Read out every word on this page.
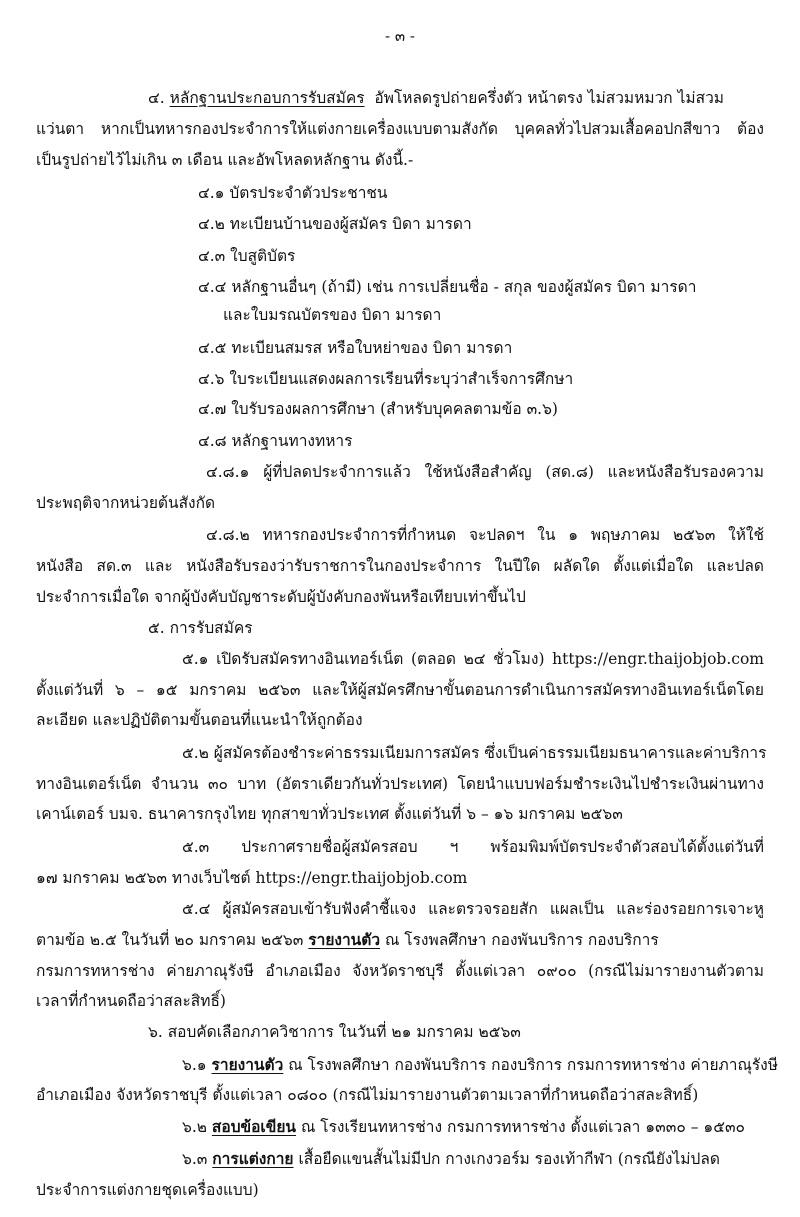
- ๓ -
๔. หลักฐานประกอบการรับสมัคร อัพโหลดรูปถ่ายครึ่งตัว หน้าตรง ไม่สวมหมวก ไม่สวม
แว่นตา หากเป็นทหารกองประจำการให้แต่งกายเครื่องแบบตามสังกัด บุคคลทั่วไปสวมเสื้อคอปกสีขาว ต้อง
เป็นรูปถ่ายไว้ไม่เกิน ๓ เดือน และอัพโหลดหลักฐาน ดังนี้.-
๔.๑ บัตรประจำตัวประชาชน
๔.๒ ทะเบียนบ้านของผู้สมัคร บิดา มารดา
๔.๓ ใบสูติบัตร
๔.๔ หลักฐานอื่นๆ (ถ้ามี) เช่น การเปลี่ยนชื่อ - สกุล ของผู้สมัคร บิดา มารดา
และใบมรณบัตรของ บิดา มารดา
๔.๕ ทะเบียนสมรส หรือใบหย่าของ บิดา มารดา
๔.๖ ใบระเบียนแสดงผลการเรียนที่ระบุว่าสำเร็จการศึกษา
๔.๗ ใบรับรองผลการศึกษา (สำหรับบุคคลตามข้อ ๓.๖)
๔.๘ หลักฐานทางทหาร
๔.๘.๑ ผู้ที่ปลดประจำการแล้ว ใช้หนังสือสำคัญ (สด.๘) และหนังสือรับรองความ
ประพฤติจากหน่วยต้นสังกัด
๔.๘.๒ ทหารกองประจำการที่กำหนด จะปลดฯ ใน ๑ พฤษภาคม ๒๕๖๓ ให้ใช้
หนังสือ สด.๓ และ หนังสือรับรองว่ารับราชการในกองประจำการ ในปีใด ผลัดใด ตั้งแต่เมื่อใด และปลด
ประจำการเมื่อใด จากผู้บังคับบัญชาระดับผู้บังคับกองพันหรือเทียบเท่าขึ้นไป
๕. การรับสมัคร
๕.๑ เปิดรับสมัครทางอินเทอร์เน็ต (ตลอด ๒๔ ชั่วโมง) https://engr.thaijobjob.com
ตั้งแต่วันที่ ๖ – ๑๕ มกราคม ๒๕๖๓ และให้ผู้สมัครศึกษาขั้นตอนการดำเนินการสมัครทางอินเทอร์เน็ตโดย
ละเอียด และปฏิบัติตามขั้นตอนที่แนะนำให้ถูกต้อง
๕.๒ ผู้สมัครต้องชำระค่าธรรมเนียมการสมัคร ซึ่งเป็นค่าธรรมเนียมธนาคารและค่าบริการ
ทางอินเตอร์เน็ต จำนวน ๓๐ บาท (อัตราเดียวกันทั่วประเทศ) โดยนำแบบฟอร์มชำระเงินไปชำระเงินผ่านทาง
เคาน์เตอร์ บมจ. ธนาคารกรุงไทย ทุกสาขาทั่วประเทศ ตั้งแต่วันที่ ๖ – ๑๖ มกราคม ๒๕๖๓
๕.๓ ประกาศรายชื่อผู้สมัครสอบ ฯ พร้อมพิมพ์บัตรประจำตัวสอบได้ตั้งแต่วันที่
๑๗ มกราคม ๒๕๖๓ ทางเว็บไซต์ https://engr.thaijobjob.com
๕.๔ ผู้สมัครสอบเข้ารับฟังคำชี้แจง และตรวจรอยสัก แผลเป็น และร่องรอยการเจาะหู
ตามข้อ ๒.๕ ในวันที่ ๒๐ มกราคม ๒๕๖๓ รายงานตัว ณ โรงพลศึกษา กองพันบริการ กองบริการ
กรมการทหารช่าง ค่ายภาณุรังษี อำเภอเมือง จังหวัดราชบุรี ตั้งแต่เวลา ๐๙๐๐ (กรณีไม่มารายงานตัวตาม
เวลาที่กำหนดถือว่าสละสิทธิ์)
๖. สอบคัดเลือกภาควิชาการ ในวันที่ ๒๑ มกราคม ๒๕๖๓
๖.๑ รายงานตัว ณ โรงพลศึกษา กองพันบริการ กองบริการ กรมการทหารช่าง ค่ายภาณุรังษี
อำเภอเมือง จังหวัดราชบุรี ตั้งแต่เวลา ๐๘๐๐ (กรณีไม่มารายงานตัวตามเวลาที่กำหนดถือว่าสละสิทธิ์)
๖.๒ สอบข้อเขียน ณ โรงเรียนทหารช่าง กรมการทหารช่าง ตั้งแต่เวลา ๑๓๓๐ – ๑๕๓๐
๖.๓ การแต่งกาย เสื้อยืดแขนสั้นไม่มีปก กางเกงวอร์ม รองเท้ากีฬา (กรณียังไม่ปลด
ประจำการแต่งกายชุดเครื่องแบบ)
